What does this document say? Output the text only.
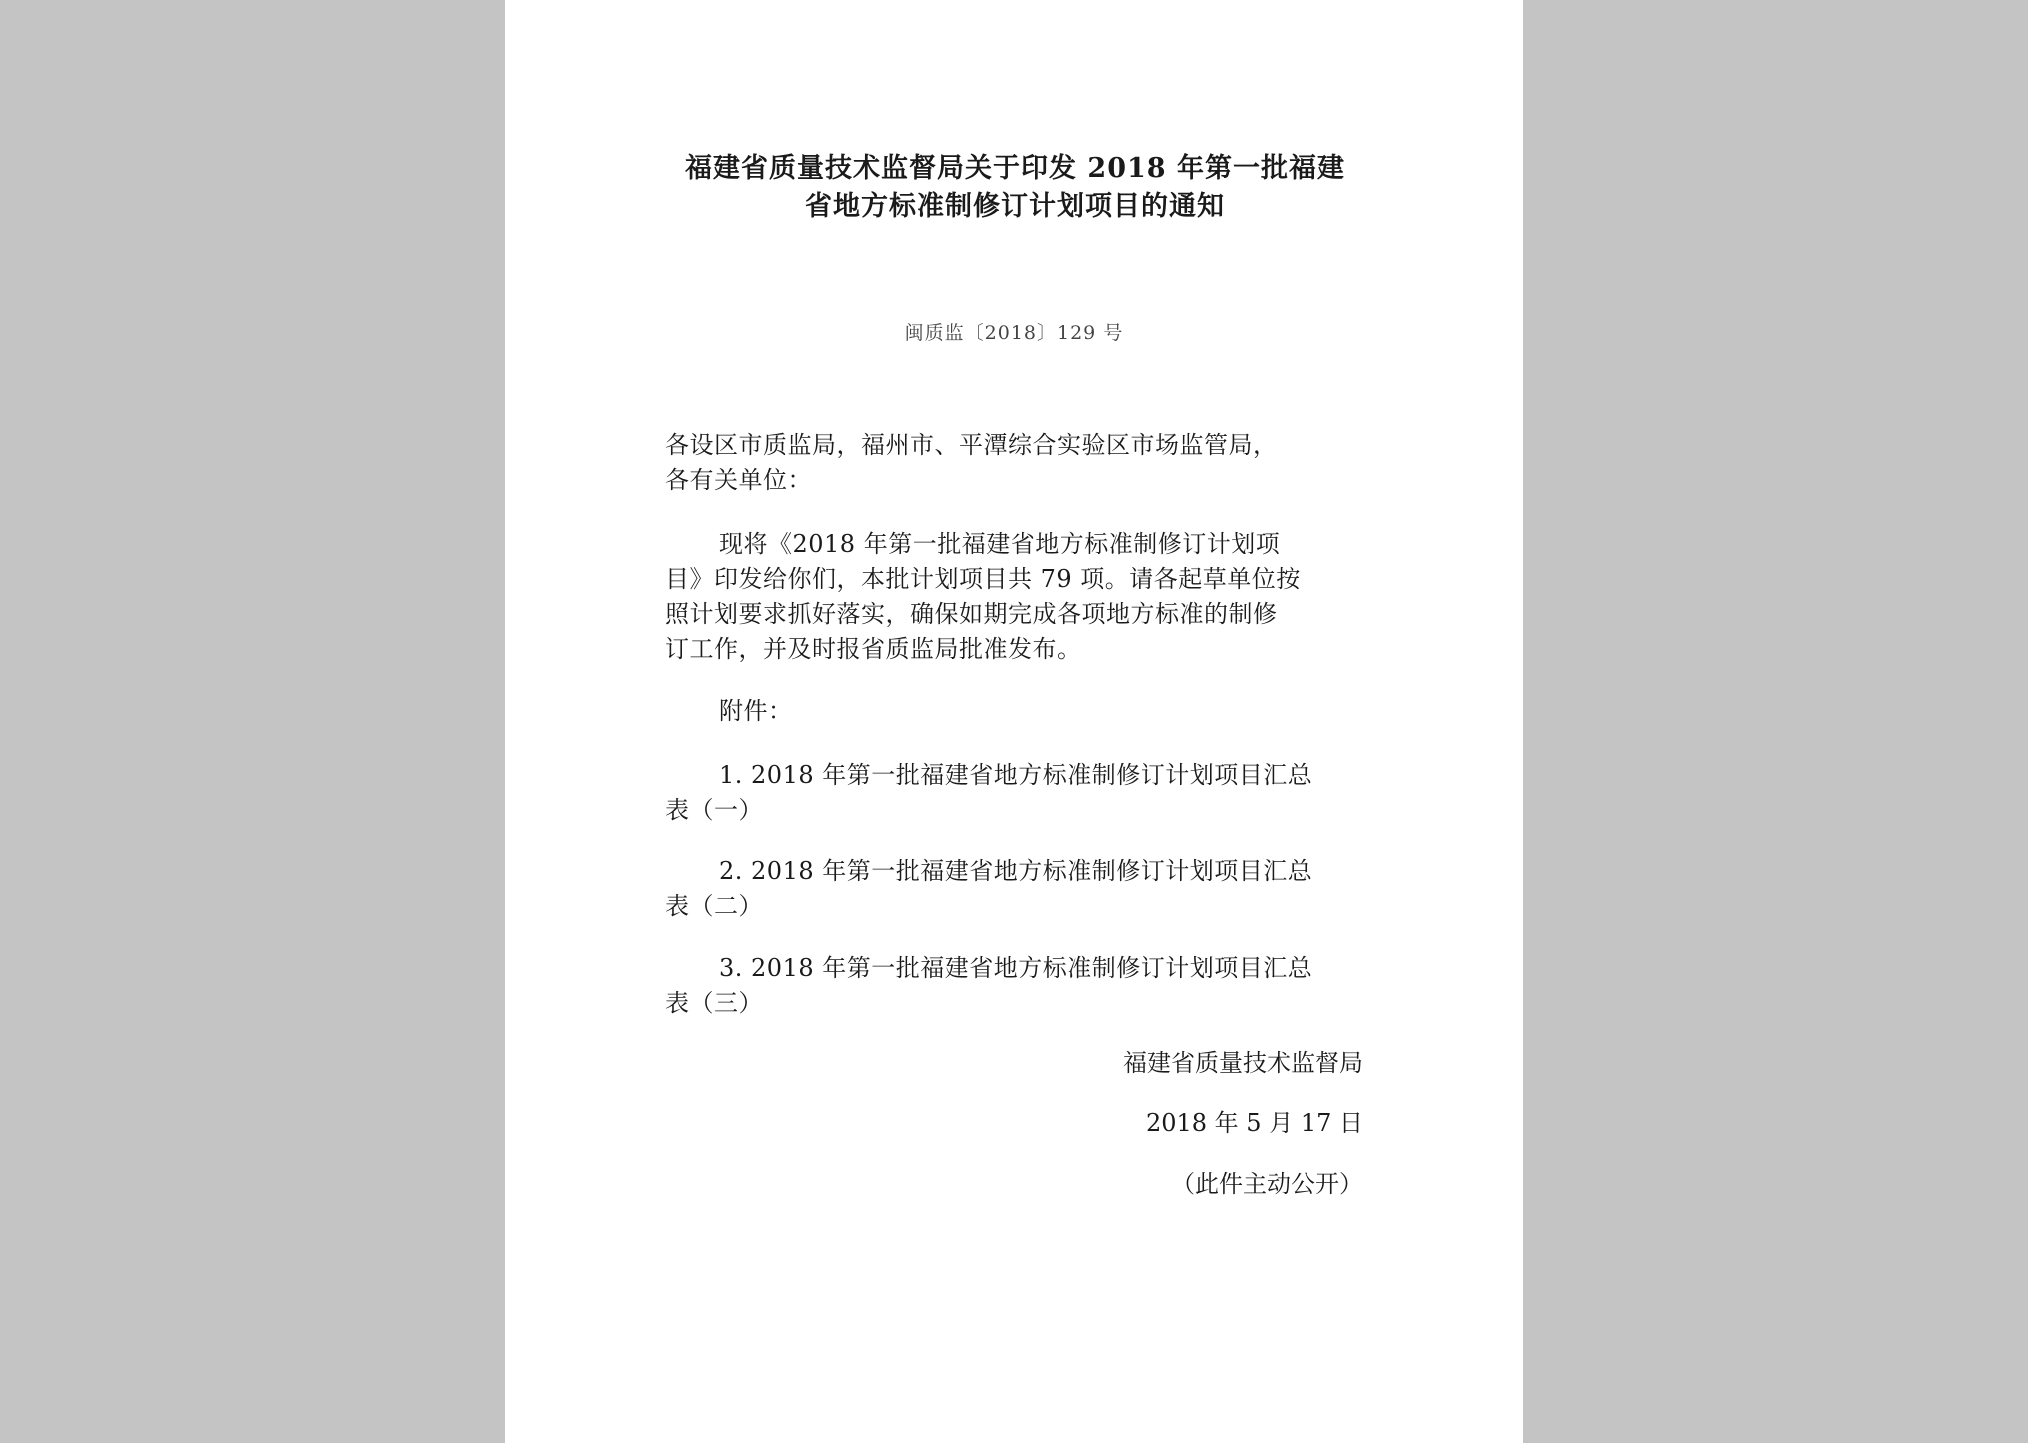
福建省质量技术监督局关于印发 2018 年第一批福建
省地方标准制修订计划项目的通知
闽质监〔2018〕129 号
各设区市质监局，福州市、平潭综合实验区市场监管局，
各有关单位：
现将《2018 年第一批福建省地方标准制修订计划项
目》印发给你们，本批计划项目共 79 项。请各起草单位按
照计划要求抓好落实，确保如期完成各项地方标准的制修
订工作，并及时报省质监局批准发布。
附件：
1. 2018 年第一批福建省地方标准制修订计划项目汇总
表（一）
2. 2018 年第一批福建省地方标准制修订计划项目汇总
表（二）
3. 2018 年第一批福建省地方标准制修订计划项目汇总
表（三）
福建省质量技术监督局
2018 年 5 月 17 日
（此件主动公开）
